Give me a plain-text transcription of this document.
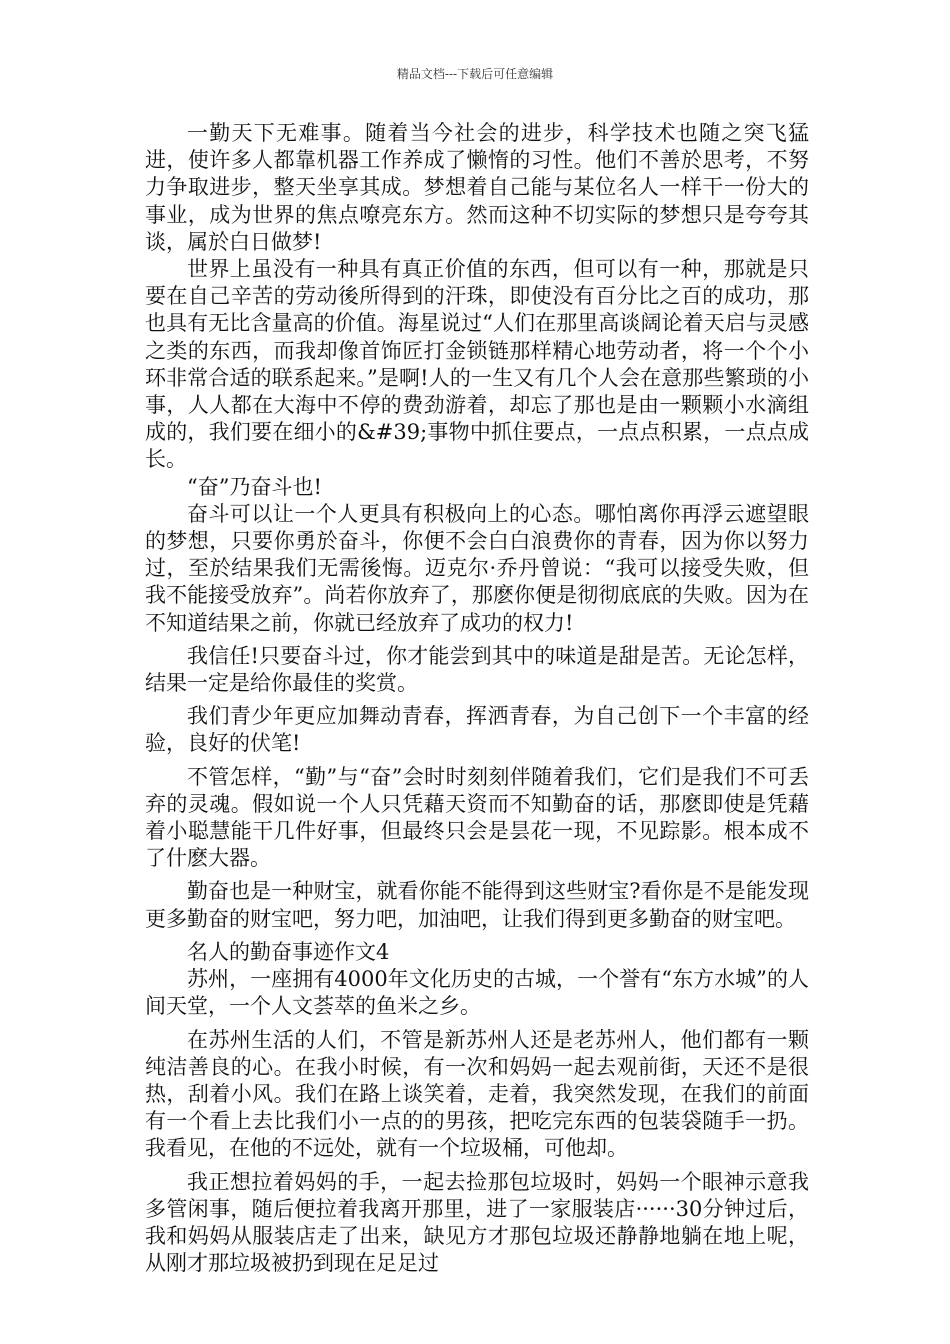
精品文档---下载后可任意编辑

一勤天下无难事。随着当今社会的进步，科学技术也随之突飞猛进，使许多人都靠机器工作养成了懒惰的习性。他们不善於思考，不努力争取进步，整天坐享其成。梦想着自己能与某位名人一样干一份大的事业，成为世界的焦点嘹亮东方。然而这种不切实际的梦想只是夸夸其谈，属於白日做梦!

世界上虽没有一种具有真正价值的东西，但可以有一种，那就是只要在自己辛苦的劳动後所得到的汗珠，即使没有百分比之百的成功，那也具有无比含量高的价值。海星说过“人们在那里高谈阔论着天启与灵感之类的东西，而我却像首饰匠打金锁链那样精心地劳动者，将一个个小环非常合适的联系起来。”是啊!人的一生又有几个人会在意那些繁琐的小事，人人都在大海中不停的费劲游着，却忘了那也是由一颗颗小水滴组成的，我们要在细小的&#39;事物中抓住要点，一点点积累，一点点成长。

“奋”乃奋斗也!

奋斗可以让一个人更具有积极向上的心态。哪怕离你再浮云遮望眼的梦想，只要你勇於奋斗，你便不会白白浪费你的青春，因为你以努力过，至於结果我们无需後悔。迈克尔·乔丹曾说：“我可以接受失败，但我不能接受放弃”。尚若你放弃了，那麽你便是彻彻底底的失败。因为在不知道结果之前，你就已经放弃了成功的权力!

我信任!只要奋斗过，你才能尝到其中的味道是甜是苦。无论怎样，结果一定是给你最佳的奖赏。

我们青少年更应加舞动青春，挥洒青春，为自己创下一个丰富的经验，良好的伏笔!

不管怎样，“勤”与“奋”会时时刻刻伴随着我们，它们是我们不可丢弃的灵魂。假如说一个人只凭藉天资而不知勤奋的话，那麽即使是凭藉着小聪慧能干几件好事，但最终只会是昙花一现，不见踪影。根本成不了什麽大器。

勤奋也是一种财宝，就看你能不能得到这些财宝?看你是不是能发现更多勤奋的财宝吧，努力吧，加油吧，让我们得到更多勤奋的财宝吧。

名人的勤奋事迹作文4

苏州，一座拥有4000年文化历史的古城，一个誉有“东方水城”的人间天堂，一个人文荟萃的鱼米之乡。

在苏州生活的人们，不管是新苏州人还是老苏州人，他们都有一颗纯洁善良的心。在我小时候，有一次和妈妈一起去观前街，天还不是很热，刮着小风。我们在路上谈笑着，走着，我突然发现，在我们的前面有一个看上去比我们小一点的的男孩，把吃完东西的包装袋随手一扔。我看见，在他的不远处，就有一个垃圾桶，可他却。

我正想拉着妈妈的手，一起去捡那包垃圾时，妈妈一个眼神示意我多管闲事，随后便拉着我离开那里，进了一家服装店······30分钟过后，我和妈妈从服装店走了出来，缺见方才那包垃圾还静静地躺在地上呢，从刚才那垃圾被扔到现在足足过
